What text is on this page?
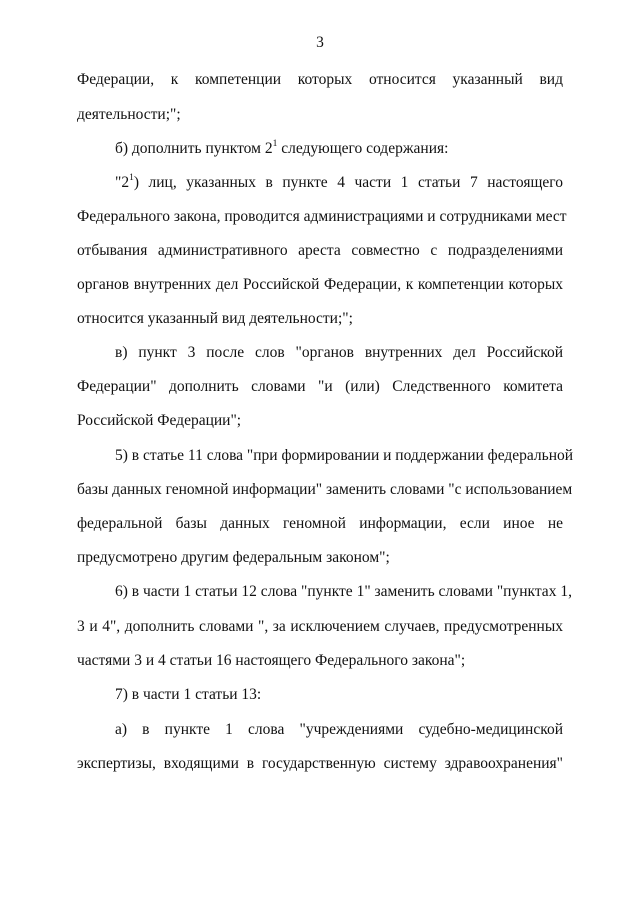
3
Федерации, к компетенции которых относится указанный вид
деятельности;";
б) дополнить пунктом $2^1$ следующего содержания:
"$2^1$ ) лиц, указанных в пункте 4 части 1 статьи 7 настоящего
Федерального закона, проводится администрациями и сотрудниками мест
отбывания административного ареста совместно с подразделениями
органов внутренних дел Российской Федерации, к компетенции которых
относится указанный вид деятельности;";
в) пункт 3 после слов "органов внутренних дел Российской
Федерации" дополнить словами "и (или) Следственного комитета
Российской Федерации";
5) в статье 11 слова "при формировании и поддержании федеральной
базы данных геномной информации" заменить словами "с использованием
федеральной базы данных геномной информации, если иное не
предусмотрено другим федеральным законом";
6) в части 1 статьи 12 слова "пункте 1" заменить словами "пунктах 1,
3 и 4", дополнить словами ", за исключением случаев, предусмотренных
частями 3 и 4 статьи 16 настоящего Федерального закона";
7) в части 1 статьи 13:
а) в пункте 1 слова "учреждениями судебно-медицинской
экспертизы, входящими в государственную систему здравоохранения"
